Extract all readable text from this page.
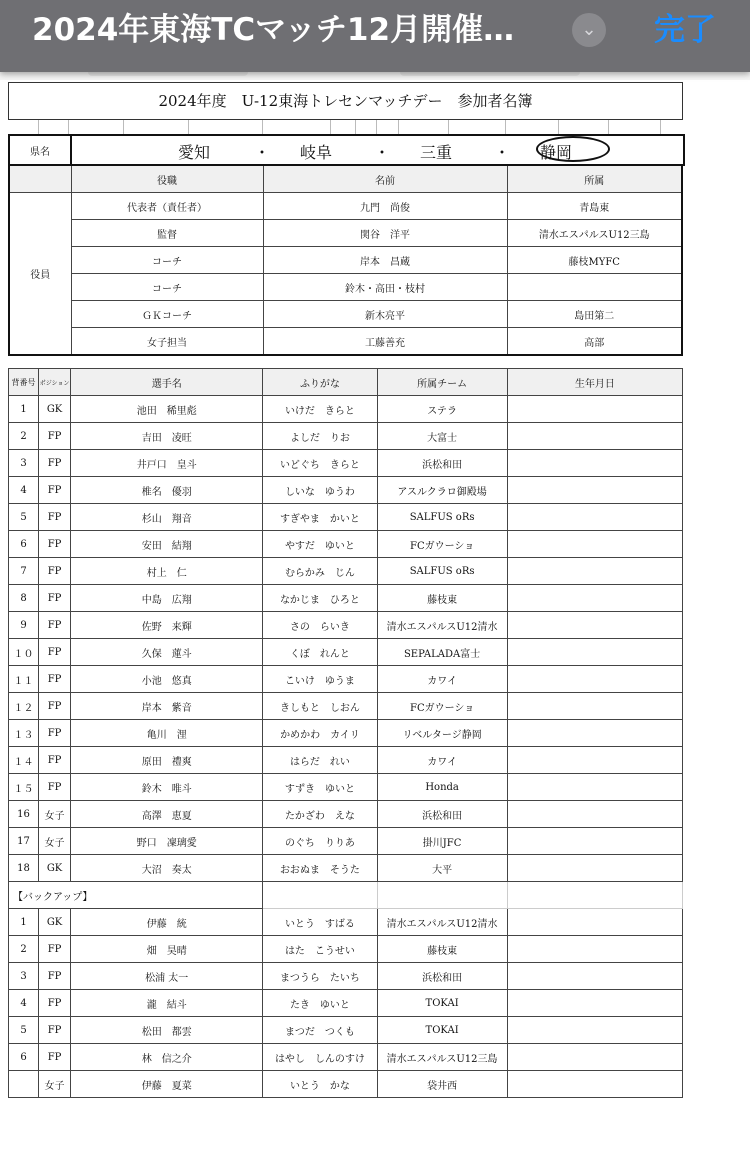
2024年東海TCマッチ12月開催…	⌄	完了
2024年度　U-12東海トレセンマッチデー　参加者名簿
県名	愛知	・ 岐阜	・ 三重	・ 静岡
	役職	名前	所属
役員	代表者（責任者）	九門　尚俊	青島東
	監督	関谷　洋平	清水エスパルスU12三島
	コーチ	岸本　昌蔵	藤枝MYFC
	コーチ	鈴木・高田・枝村	
	ＧＫコーチ	新木亮平	島田第二
	女子担当	工藤善充	高部
背番号	ポジション	選手名	ふりがな	所属チーム	生年月日
1	GK	池田　稀里彪	いけだ　きらと	ステラ	
2	FP	吉田　凌旺	よしだ　りお	大富士	
3	FP	井戸口　皇斗	いどぐち　きらと	浜松和田	
4	FP	椎名　優羽	しいな　ゆうわ	アスルクラロ御殿場	
5	FP	杉山　翔音	すぎやま　かいと	SALFUS oRs	
6	FP	安田　結翔	やすだ　ゆいと	FCガウーショ	
7	FP	村上　仁	むらかみ　じん	SALFUS oRs	
8	FP	中島　広翔	なかじま　ひろと	藤枝東	
9	FP	佐野　来輝	さの　らいき	清水エスパルスU12清水	
１０	FP	久保　蓮斗	くぼ　れんと	SEPALADA富士	
１１	FP	小池　悠真	こいけ　ゆうま	カワイ	
１２	FP	岸本　紫音	きしもと　しおん	FCガウーショ	
１３	FP	亀川　浬	かめかわ　カイリ	リベルタージ静岡	
１４	FP	原田　禮爽	はらだ　れい	カワイ	
１５	FP	鈴木　唯斗	すずき　ゆいと	Honda	
16	女子	高澤　恵夏	たかざわ　えな	浜松和田	
17	女子	野口　凜璃愛	のぐち　りりあ	掛川JFC	
18	GK	大沼　奏太	おおぬま　そうた	大平	
【バックアップ】					
1	GK	伊藤　統	いとう　すばる	清水エスパルスU12清水	
2	FP	畑　昊晴	はた　こうせい	藤枝東	
3	FP	松浦 太一	まつうら　たいち	浜松和田	
4	FP	瀧　結斗	たき　ゆいと	TOKAI	
5	FP	松田　都雲	まつだ　つくも	TOKAI	
6	FP	林　信之介	はやし　しんのすけ	清水エスパルスU12三島	
	女子	伊藤　夏菜	いとう　かな	袋井西	
